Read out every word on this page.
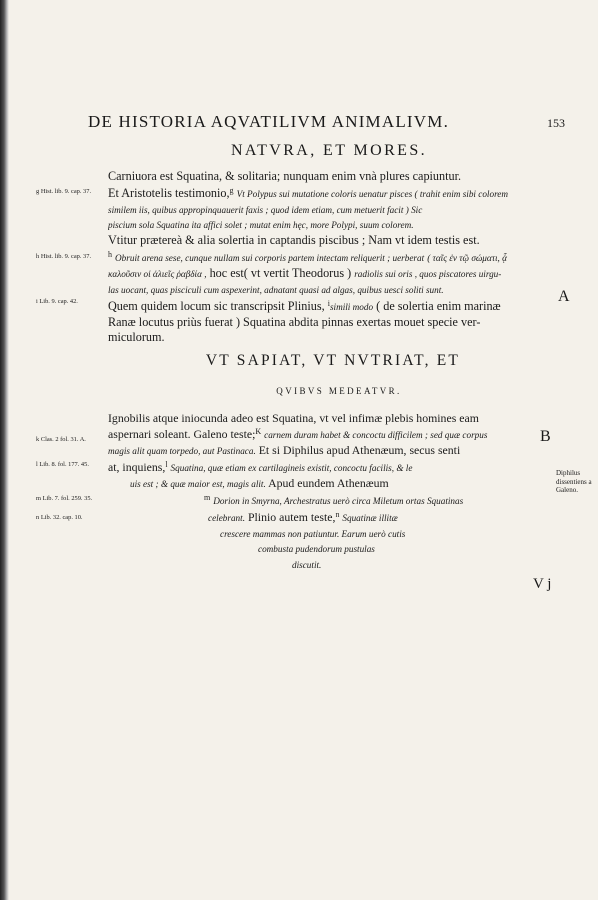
DE HISTORIA AQVATILIVM ANIMALIVM.	153
NATVRA, ET MORES.
Carniuora est Squatina, & solitaria; nunquam enim vnà plures capiuntur.
Et Aristotelis testimonio,$^g$ Vt Polypus sui mutatione coloris uenatur pisces ( trahit enim sibi colorem
similem iis, quibus appropinquauerit faxis ; quod idem etiam, cum metuerit facit ) Sic
piscium sola Squatina ita affici solet ; mutat enim hęc, more Polypi, suum colorem.
Vtitur prætereà & alia solertia in captandis piscibus ; Nam vt idem testis est.
$^h$ Obruit arena sese, cunque nullam sui corporis partem intectam reliquerit ; uerberat ( ταῖς ἐν τῷ σώματι, ᾇ
καλοῦσιν οἱ ἁλιεῖς ῥαβδία , hoc est( vt vertit Theodorus ) radiolis sui oris , quos piscatores uirgu-
las uocant, quas pisciculi cum aspexerint, adnatant quasi ad algas, quibus uesci soliti sunt.
Quem quidem locum sic transcripsit Plinius, $^i$simili modo ( de solertia enim marinæ
Ranæ locutus priùs fuerat ) Squatina abdita pinnas exertas mouet specie ver-
miculorum.
A
VT SAPIAT, VT NVTRIAT, ET
QVIBVS MEDEATVR.
Ignobilis atque iniocunda adeo est Squatina, vt vel infimæ plebis homines eam
aspernari soleant. Galeno teste;$^K$ carnem duram habet & concoctu difficilem ; sed quæ corpus
magis alit quam torpedo, aut Pastinaca. Et si Diphilus apud Athenæum, secus senti
at, inquiens,$^l$ Squatina, quæ etiam ex cartilagineis existit, concoctu facilis, & le
uis est ; & quæ maior est, magis alit. Apud eundem Athenæum
$^m$ Dorion in Smyrna, Archestratus uerò circa Miletum ortas Squatinas
celebrant. Plinio autem teste,$^n$ Squatinæ illitæ
crescere mammas non patiuntur. Earum uerò cutis
combusta pudendorum pustulas
discutit.
B
g Hist. lib. 9. cap. 37.
h Hist. lib. 9. cap. 37.
i Lib. 9. cap. 42.
k Clas. 2 fol. 31. A.
l Lib. 8. fol. 177. 45.
m Lib. 7. fol. 259. 35.
n Lib. 32. cap. 10.
Diphilus dissentiens a Galeno.
V j
